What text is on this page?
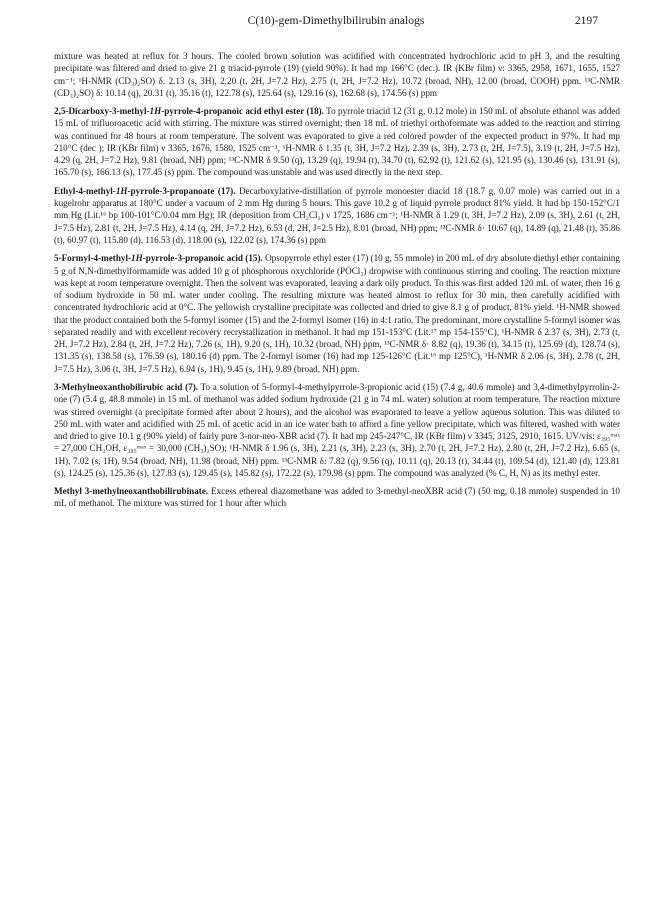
C(10)-gem-Dimethylbilirubin analogs	2197

mixture was heated at reflux for 3 hours. The cooled brown solution was acidified with concentrated hydrochloric acid to pH 3, and the resulting precipitate was filtered and dried to give 21 g triacid-pyrrole (19) (yield 90%). It had mp 166°C (dec.). IR (KBr film) ν: 3365, 2958, 1671, 1655, 1527 cm⁻¹; ¹H-NMR (CD₃)₂SO) δ. 2.13 (s, 3H), 2.20 (t, 2H, J=7.2 Hz), 2.75 (t, 2H, J=7.2 Hz), 10.72 (broad, NH), 12.00 (broad, COOH) ppm. ¹³C-NMR (CD₃)₂SO) δ: 10.14 (q), 20.31 (t), 35.16 (t), 122.78 (s), 125.64 (s), 129.16 (s), 162.68 (s), 174.56 (s) ppm

2,5-Dicarboxy-3-methyl-1H-pyrrole-4-propanoic acid ethyl ester (18). To pyrrole triacid 12 (31 g, 0.12 mole) in 150 mL of absolute ethanol was added 15 mL of trifluoroacetic acid with stirring. The mixture was stirred overnight; then 18 mL of triethyl orthoformate was added to the reaction and stirring was continued for 48 hours at room temperature. The solvent was evaporated to give a red colored powder of the expected product in 97%. It had mp 210°C (dec ); IR (KBr film) ν 3365, 1676, 1580, 1525 cm⁻¹, ¹H-NMR δ 1.35 (t, 3H, J=7.2 Hz), 2.39 (s, 3H), 2.73 (t, 2H, J=7.5), 3.19 (t, 2H, J=7.5 Hz), 4.29 (q, 2H, J=7.2 Hz), 9.81 (broad, NH) ppm; ¹³C-NMR δ 9.50 (q), 13.29 (q), 19.94 (t), 34.70 (t), 62.92 (t), 121.62 (s), 121.95 (s), 130.46 (s), 131.91 (s), 165.70 (s), 166.13 (s), 177.45 (s) ppm. The compound was unstable and was used directly in the next step.

Ethyl-4-methyl-1H-pyrrole-3-propanoate (17). Decarboxylative-distillation of pyrrole monoester diacid 18 (18.7 g, 0.07 mole) was carried out in a kugelrohr apparatus at 180°C under a vacuum of 2 mm Hg during 5 hours. This gave 10.2 g of liquid pyrrole product 81% yield. It had bp 150-152°C/1 mm Hg (Lit.¹⁶ bp 100-101°C/0.04 mm Hg); IR (deposition from CH₂Cl₂) ν 1725, 1686 cm⁻¹; ¹H-NMR δ 1.29 (t, 3H, J=7.2 Hz), 2.09 (s, 3H), 2.61 (t, 2H, J=7.5 Hz), 2.81 (t, 2H, J=7.5 Hz), 4.14 (q, 2H, J=7.2 Hz), 6.53 (d, 2H, J=2.5 Hz), 8.01 (broad, NH) ppm; ¹³C-NMR δ· 10.67 (q), 14.89 (q), 21.48 (t), 35.86 (t), 60.97 (t), 115.80 (d), 116.53 (d), 118.00 (s), 122.02 (s), 174.36 (s) ppm

5-Formyl-4-methyl-1H-pyrrole-3-propanoic acid (15). Opsopyrrole ethyl ester (17) (10 g, 55 mmole) in 200 mL of dry absolute diethyl ether containing 5 g of N,N-dimethylformamide was added 10 g of phosphorous oxychloride (POCl₃) dropwise with continuous stirring and cooling. The reaction mixture was kept at room temperature overnight. Then the solvent was evaporated, leaving a dark oily product. To this was first added 120 mL of water, then 16 g of sodium hydroxide in 50 mL water under cooling. The resulting mixture was heated almost to reflux for 30 min, then carefully acidified with concentrated hydrochloric acid at 0°C. The yellowish crystalline precipitate was collected and dried to give 8.1 g of product, 81% yield. ¹H-NMR showed that the product contained both the 5-formyl isomer (15) and the 2-formyl isomer (16) in 4:1 ratio. The predominant, more crystalline 5-formyl isomer was separated readily and with excellent recovery recrystallization in methanol. It had mp 151-153°C (Lit.¹⁷ mp 154-155°C), ¹H-NMR δ 2.37 (s, 3H), 2.73 (t, 2H, J=7.2 Hz), 2.84 (t, 2H, J=7.2 Hz), 7.26 (s, 1H), 9.20 (s, 1H), 10.32 (broad, NH) ppm, ¹³C-NMR δ· 8.82 (q), 19.36 (t), 34.15 (t), 125.69 (d), 128.74 (s), 131.35 (s), 138.58 (s), 176.59 (s), 180.16 (d) ppm. The 2-formyl isomer (16) had mp 125-126°C (Lit.¹⁶ mp 125°C), ¹H-NMR δ 2.06 (s, 3H), 2.78 (t, 2H, J=7.5 Hz), 3.06 (t, 3H, J=7.5 Hz), 6.94 (s, 1H), 9.45 (s, 1H), 9.89 (broad, NH) ppm.

3-Methylneoxanthobilirubic acid (7). To a solution of 5-formyl-4-methylpyrrole-3-propionic acid (15) (7.4 g, 40.6 mmole) and 3,4-dimethylpyrrolin-2-one (7) (5.4 g, 48.8 mmole) in 15 mL of methanol was added sodium hydroxide (21 g in 74 mL water) solution at room temperature. The reaction mixture was stirred overnight (a precipitate formed after about 2 hours), and the alcohol was evaporated to leave a yellow aqueous solution. This was diluted to 250 mL with water and acidified with 25 mL of acetic acid in an ice water bath to afford a fine yellow precipitate, which was filtered, washed with water and dried to give 10.1 g (90% yield) of fairly pure 3-nor-neo-XBR acid (7). It had mp 245-247°C, IR (KBr film) ν 3345, 3125, 2910, 1615. UV/vis: ε₃₉₅ᵐᵃˣ = 27,000 CH₃OH, ε₃₉₅ᵐᵃˣ = 30,000 (CH₃)₂SO); ¹H-NMR δ 1.96 (s, 3H), 2.21 (s, 3H), 2.23 (s, 3H), 2.70 (t, 2H, J=7.2 Hz), 2.80 (t, 2H, J=7.2 Hz), 6.65 (s, 1H), 7.02 (s, 1H), 9.54 (broad, NH), 11.98 (broad, NH) ppm. ¹³C-NMR δ: 7.82 (q), 9.56 (q), 10.11 (q), 20.13 (t), 34.44 (t), 109.54 (d), 121.40 (d), 123.81 (s), 124.25 (s), 125.36 (s), 127.83 (s), 129.45 (s), 145.82 (s), 172.22 (s), 179.98 (s) ppm. The compound was analyzed (% C, H, N) as its methyl ester.

Methyl 3-methylneoxanthobilirubinate. Excess ethereal diazomethane was added to 3-methyl-neoXBR acid (7) (50 mg, 0.18 mmole) suspended in 10 mL of methanol. The mixture was stirred for 1 hour after which
